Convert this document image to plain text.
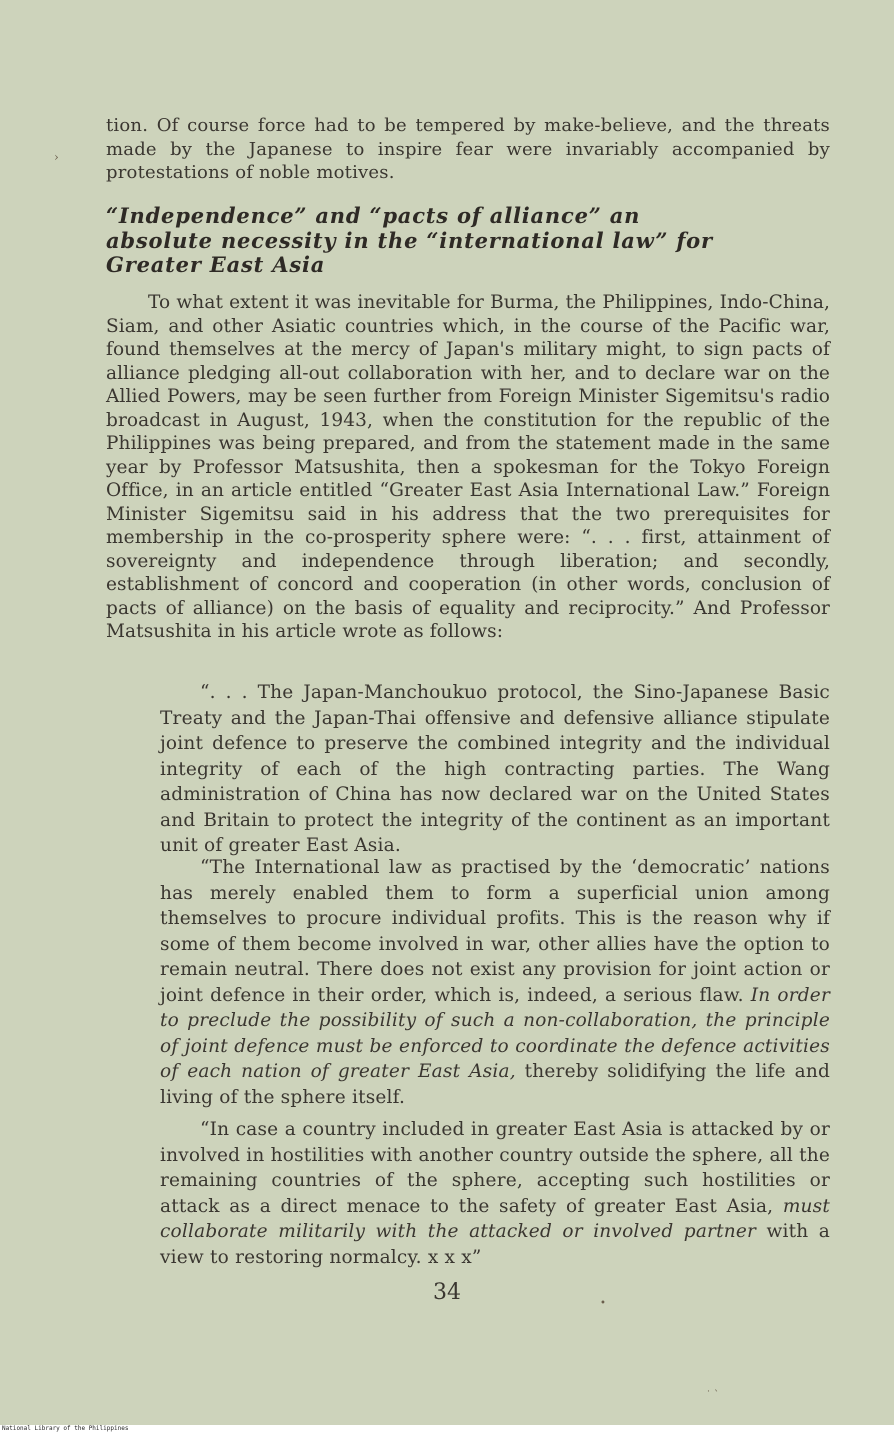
›
•
˙ ˋ

tion. Of course force had to be tempered by make-believe, and the threats made by the Japanese to inspire fear were invariably accompanied by protestations of noble motives.

“Independence” and “pacts of alliance” an absolute necessity in the “international law” for Greater East Asia

To what extent it was inevitable for Burma, the Philippines, Indo-China, Siam, and other Asiatic countries which, in the course of the Pacific war, found themselves at the mercy of Japan's military might, to sign pacts of alliance pledging all-out collaboration with her, and to declare war on the Allied Powers, may be seen further from Foreign Minister Sigemitsu's radio broadcast in August, 1943, when the constitution for the republic of the Philippines was being prepared, and from the statement made in the same year by Professor Matsushita, then a spokesman for the Tokyo Foreign Office, in an article entitled “Greater East Asia International Law.” Foreign Minister Sigemitsu said in his address that the two prerequisites for membership in the co-prosperity sphere were: “. . . first, attainment of sovereignty and independence through liberation; and secondly, establishment of concord and cooperation (in other words, conclusion of pacts of alliance) on the basis of equality and reciprocity.” And Professor Matsushita in his article wrote as follows:

“. . . The Japan-Manchoukuo protocol, the Sino-Japanese Basic Treaty and the Japan-Thai offensive and defensive alliance stipulate joint defence to preserve the combined integrity and the individual integrity of each of the high contracting parties. The Wang administration of China has now declared war on the United States and Britain to protect the integrity of the continent as an important unit of greater East Asia.

“The International law as practised by the ‘democratic’ nations has merely enabled them to form a superficial union among themselves to procure individual profits. This is the reason why if some of them become involved in war, other allies have the option to remain neutral. There does not exist any provision for joint action or joint defence in their order, which is, indeed, a serious flaw. In order to preclude the possibility of such a non-collaboration, the principle of joint defence must be enforced to coordinate the defence activities of each nation of greater East Asia, thereby solidifying the life and living of the sphere itself.

“In case a country included in greater East Asia is attacked by or involved in hostilities with another country outside the sphere, all the remaining countries of the sphere, accepting such hostilities or attack as a direct menace to the safety of greater East Asia, must collaborate militarily with the attacked or involved partner with a view to restoring normalcy. x x x”

34
National Library of the Philippines
